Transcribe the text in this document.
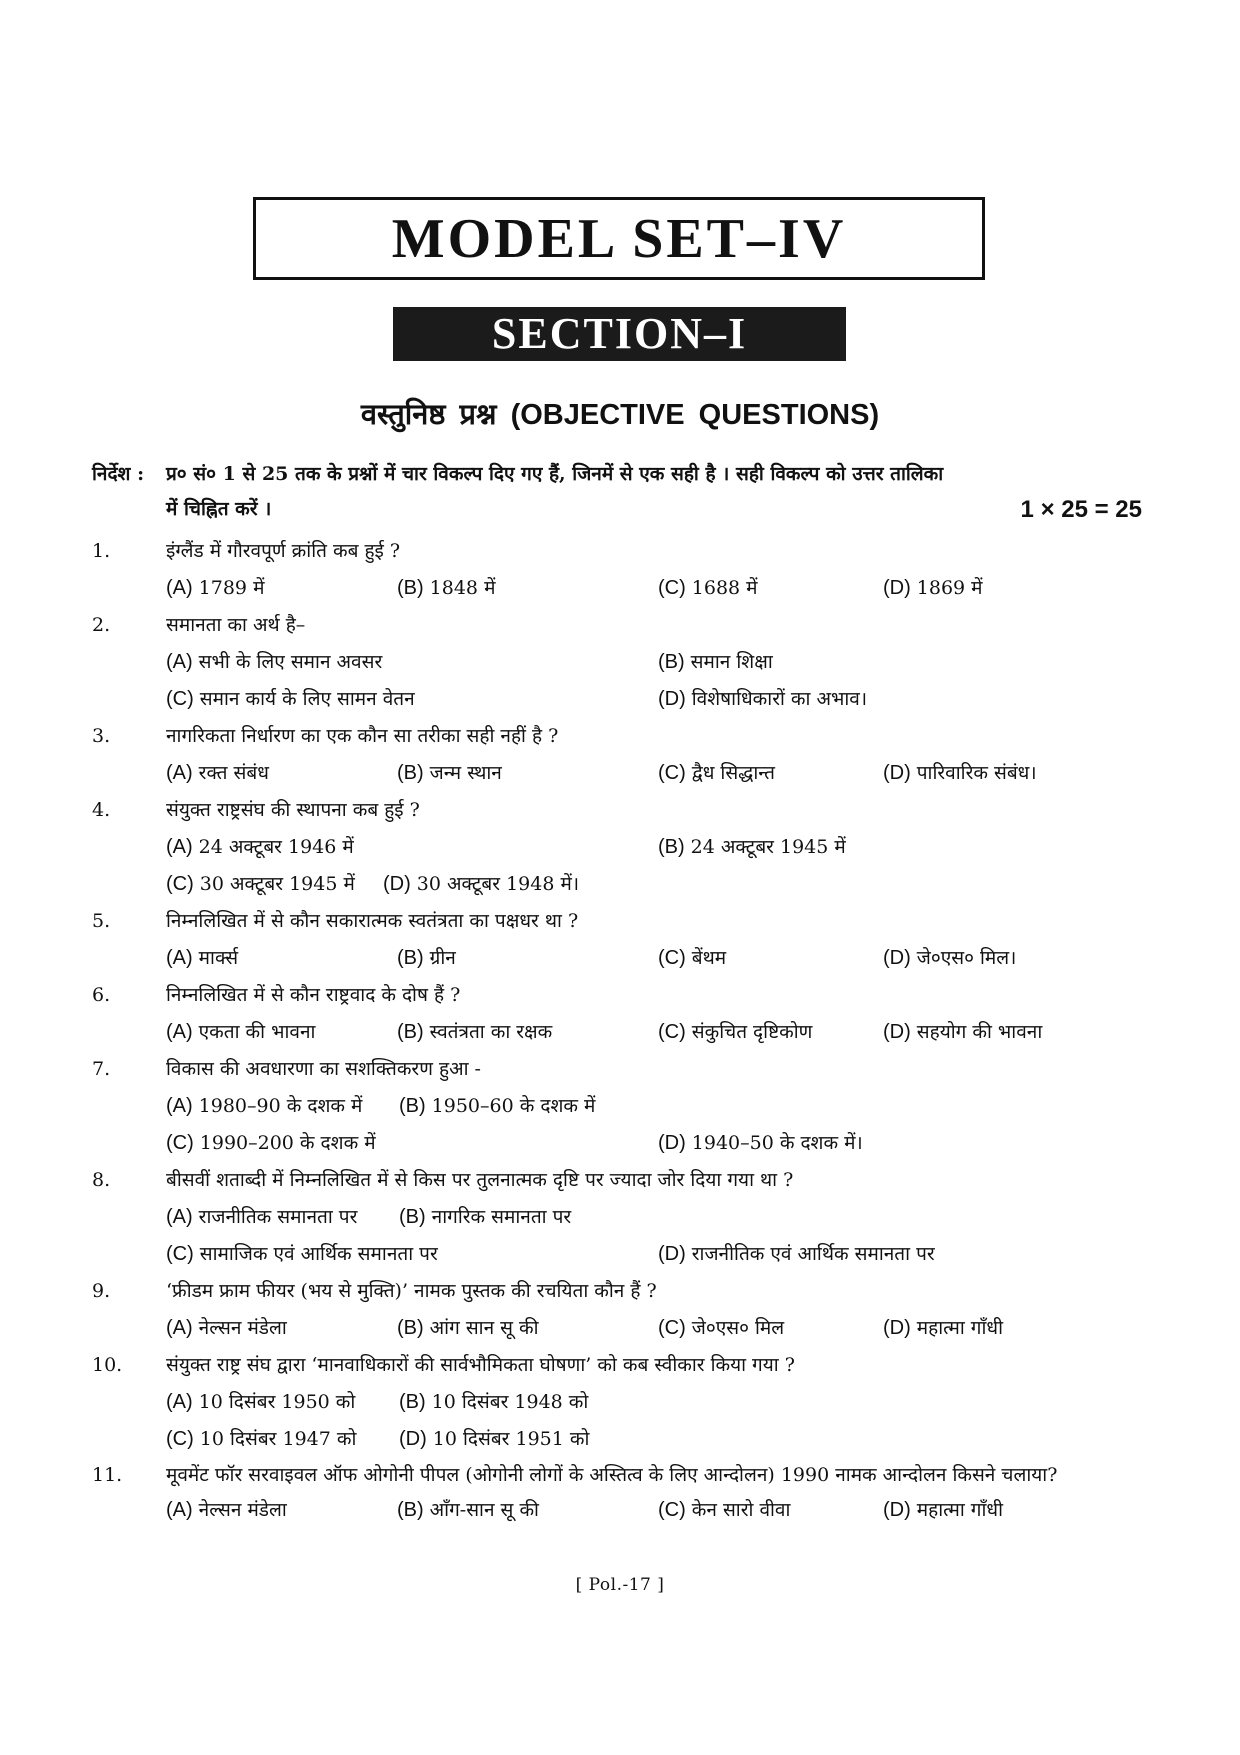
MODEL SET–IV
SECTION–I
वस्तुनिष्ठ प्रश्न (OBJECTIVE QUESTIONS)
निर्देश : प्र० सं० 1 से 25 तक के प्रश्नों में चार विकल्प दिए गए हैं, जिनमें से एक सही है । सही विकल्प को उत्तर तालिका
में चिह्नित करें ।	1 × 25 = 25
1.	इंग्लैंड में गौरवपूर्ण क्रांति कब हुई ?
(A) 1789 में	(B) 1848 में	(C) 1688 में	(D) 1869 में
2.	समानता का अर्थ है–
(A) सभी के लिए समान अवसर	(B) समान शिक्षा
(C) समान कार्य के लिए सामन वेतन	(D) विशेषाधिकारों का अभाव।
3.	नागरिकता निर्धारण का एक कौन सा तरीका सही नहीं है ?
(A) रक्त संबंध	(B) जन्म स्थान	(C) द्वैध सिद्धान्त	(D) पारिवारिक संबंध।
4.	संयुक्त राष्ट्रसंघ की स्थापना कब हुई ?
(A) 24 अक्टूबर 1946 में	(B) 24 अक्टूबर 1945 में
(C) 30 अक्टूबर 1945 में (D) 30 अक्टूबर 1948 में।
5.	निम्नलिखित में से कौन सकारात्मक स्वतंत्रता का पक्षधर था ?
(A) मार्क्स	(B) ग्रीन	(C) बेंथम	(D) जे०एस० मिल।
6.	निम्नलिखित में से कौन राष्ट्रवाद के दोष हैं ?
(A) एकता की भावना	(B) स्वतंत्रता का रक्षक	(C) संकुचित दृष्टिकोण	(D) सहयोग की भावना
7.	विकास की अवधारणा का सशक्तिकरण हुआ -
(A) 1980–90 के दशक में (B) 1950–60 के दशक में
(C) 1990–200 के दशक में	(D) 1940–50 के दशक में।
8.	बीसवीं शताब्दी में निम्नलिखित में से किस पर तुलनात्मक दृष्टि पर ज्यादा जोर दिया गया था ?
(A) राजनीतिक समानता पर (B) नागरिक समानता पर
(C) सामाजिक एवं आर्थिक समानता पर	(D) राजनीतिक एवं आर्थिक समानता पर
9.	‘फ्रीडम फ्राम फीयर (भय से मुक्ति)’ नामक पुस्तक की रचयिता कौन हैं ?
(A) नेल्सन मंडेला	(B) आंग सान सू की	(C) जे०एस० मिल	(D) महात्मा गाँधी
10. संयुक्त राष्ट्र संघ द्वारा ‘मानवाधिकारों की सार्वभौमिकता घोषणा’ को कब स्वीकार किया गया ?
(A) 10 दिसंबर 1950 को (B) 10 दिसंबर 1948 को
(C) 10 दिसंबर 1947 को (D) 10 दिसंबर 1951 को
11. मूवमेंट फॉर सरवाइवल ऑफ ओगोनी पीपल (ओगोनी लोगों के अस्तित्व के लिए आन्दोलन) 1990 नामक आन्दोलन किसने चलाया?
(A) नेल्सन मंडेला	(B) आँग-सान सू की	(C) केन सारो वीवा	(D) महात्मा गाँधी
[ Pol.-17 ]
